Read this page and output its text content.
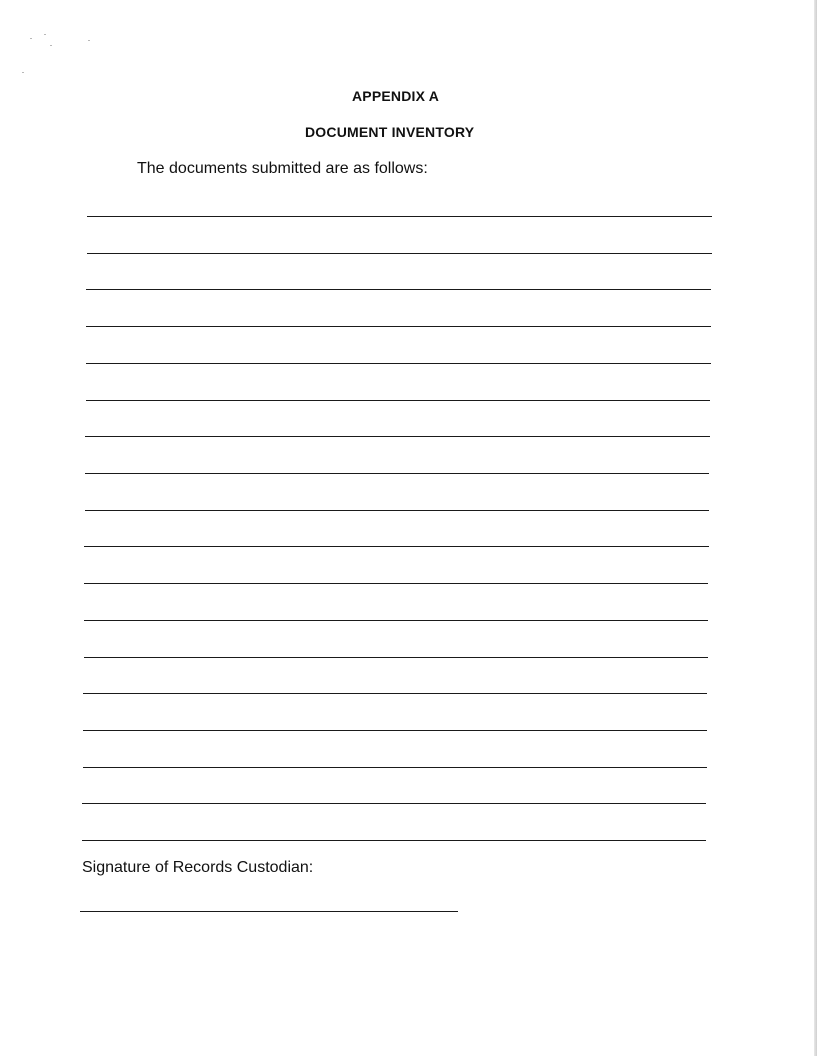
APPENDIX A
DOCUMENT INVENTORY
The documents submitted are as follows:
Signature of Records Custodian:
